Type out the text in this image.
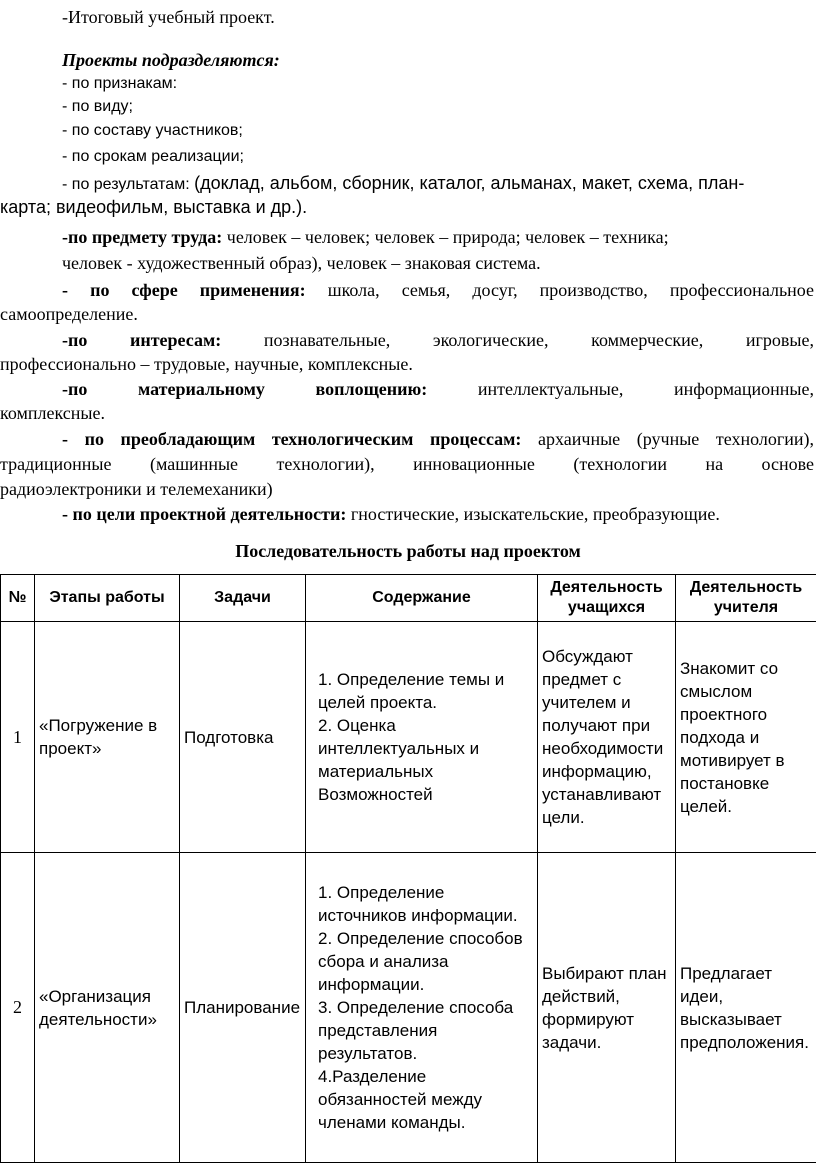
-Итоговый учебный проект.
Проекты подразделяются:
- по признакам:
- по виду;
- по составу участников;
- по срокам реализации;
- по результатам: (доклад, альбом, сборник, каталог, альманах, макет, схема, план-
карта; видеофильм, выставка и др.).
-по предмету труда: человек – человек; человек – природа; человек – техника;
человек - художественный образ), человек – знаковая система.
- по сфере применения: школа, семья, досуг, производство, профессиональное
самоопределение.
-по интересам: познавательные, экологические, коммерческие, игровые,
профессионально – трудовые, научные, комплексные.
-по материальному воплощению:	интеллектуальные, информационные,
комплексные.
- по преобладающим технологическим процессам: архаичные (ручные технологии),
традиционные (машинные технологии), инновационные (технологии на основе
радиоэлектроники и телемеханики)
- по цели проектной деятельности: гностические, изыскательские, преобразующие.
Последовательность работы над проектом
№	Этапы работы	Задачи	Содержание	Деятельность учащихся	Деятельность учителя
1	«Погружение в проект»	Подготовка	1. Определение темы и целей проекта.
2. Оценка интеллектуальных и материальных Возможностей	Обсуждают предмет с учителем и получают при необходимости информацию, устанавливают цели.	Знакомит со смыслом проектного подхода и мотивирует в постановке целей.
2	«Организация деятельности»	Планирование	1. Определение источников информации.
2. Определение способов сбора и анализа информации.
3. Определение способа представления результатов.
4.Разделение обязанностей между членами команды.	Выбирают план действий, формируют задачи.	Предлагает идеи, высказывает предположения.
